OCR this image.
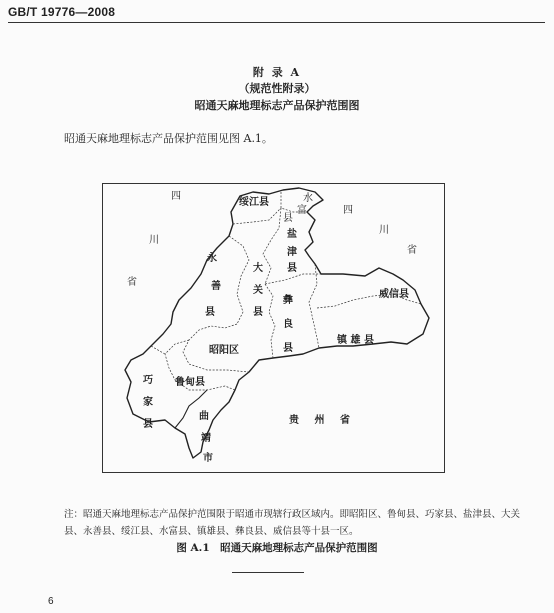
GB/T 19776—2008
附 录 A
（规范性附录）
昭通天麻地理标志产品保护范围图
昭通天麻地理标志产品保护范围见图 A.1。
四
川
省
四
川
省
绥江县	水
富
县
盐
津
县
永
善
县
大
关
县
彝
良
县
威信县
镇 雄 县
昭阳区
鲁甸县
巧
家
县
曲
靖
市
贵 州 省
注：昭通天麻地理标志产品保护范围限于昭通市现辖行政区域内。即昭阳区、鲁甸县、巧家县、盐津县、大关县、永善县、绥江县、水富县、镇雄县、彝良县、威信县等十县一区。
图 A.1　昭通天麻地理标志产品保护范围图
6
